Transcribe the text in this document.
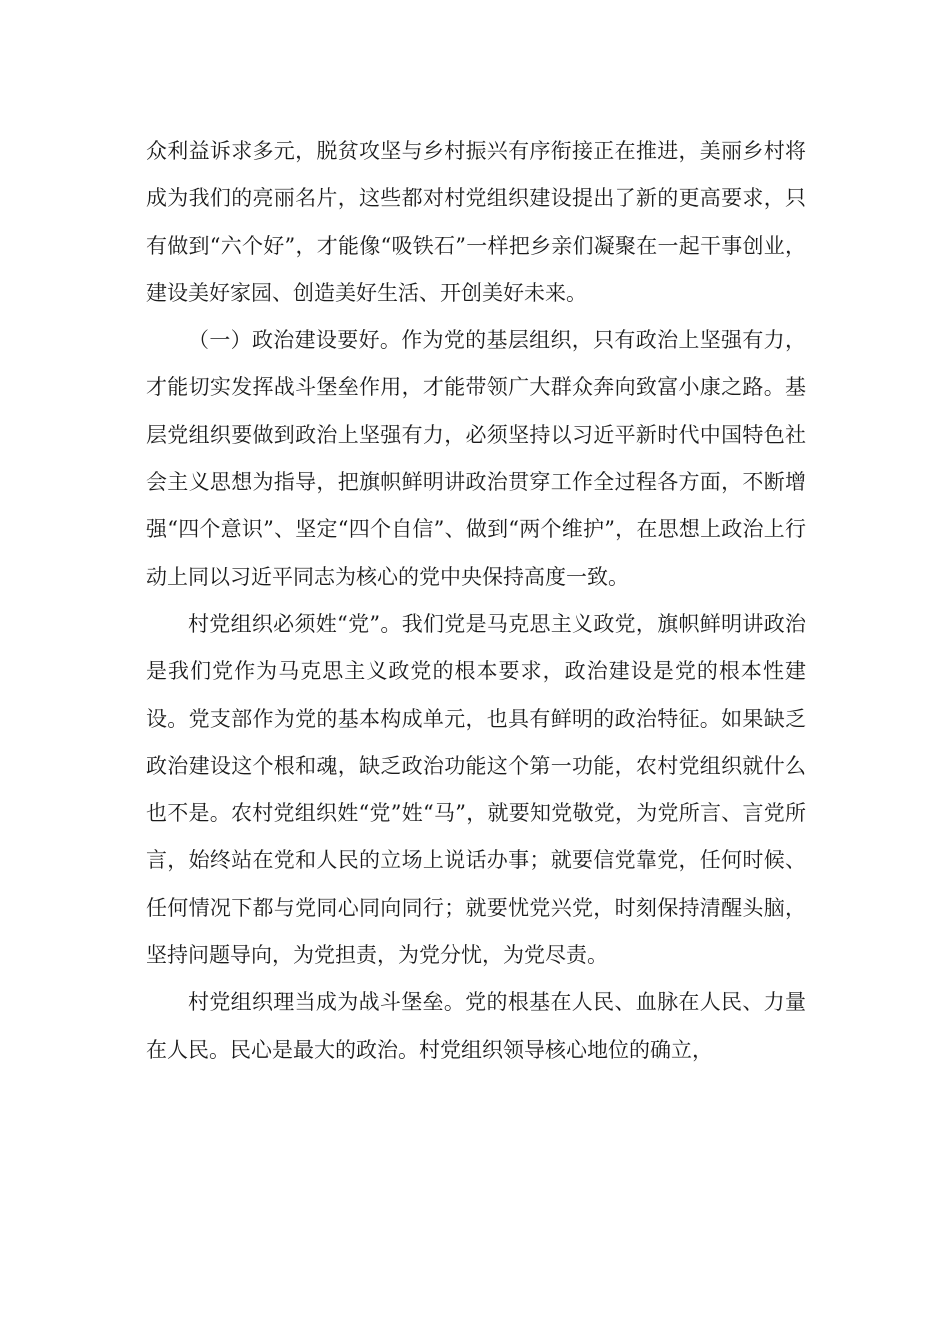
众利益诉求多元，脱贫攻坚与乡村振兴有序衔接正在推进，美丽乡村将成为我们的亮丽名片，这些都对村党组织建设提出了新的更高要求，只有做到“六个好”，才能像“吸铁石”一样把乡亲们凝聚在一起干事创业，建设美好家园、创造美好生活、开创美好未来。

（一）政治建设要好。作为党的基层组织，只有政治上坚强有力，才能切实发挥战斗堡垒作用，才能带领广大群众奔向致富小康之路。基层党组织要做到政治上坚强有力，必须坚持以习近平新时代中国特色社会主义思想为指导，把旗帜鲜明讲政治贯穿工作全过程各方面，不断增强“四个意识”、坚定“四个自信”、做到“两个维护”，在思想上政治上行动上同以习近平同志为核心的党中央保持高度一致。

村党组织必须姓“党”。我们党是马克思主义政党，旗帜鲜明讲政治是我们党作为马克思主义政党的根本要求，政治建设是党的根本性建设。党支部作为党的基本构成单元，也具有鲜明的政治特征。如果缺乏政治建设这个根和魂，缺乏政治功能这个第一功能，农村党组织就什么也不是。农村党组织姓“党”姓“马”，就要知党敬党，为党所言、言党所言，始终站在党和人民的立场上说话办事；就要信党靠党，任何时候、任何情况下都与党同心同向同行；就要忧党兴党，时刻保持清醒头脑，坚持问题导向，为党担责，为党分忧，为党尽责。

村党组织理当成为战斗堡垒。党的根基在人民、血脉在人民、力量在人民。民心是最大的政治。村党组织领导核心地位的确立，
